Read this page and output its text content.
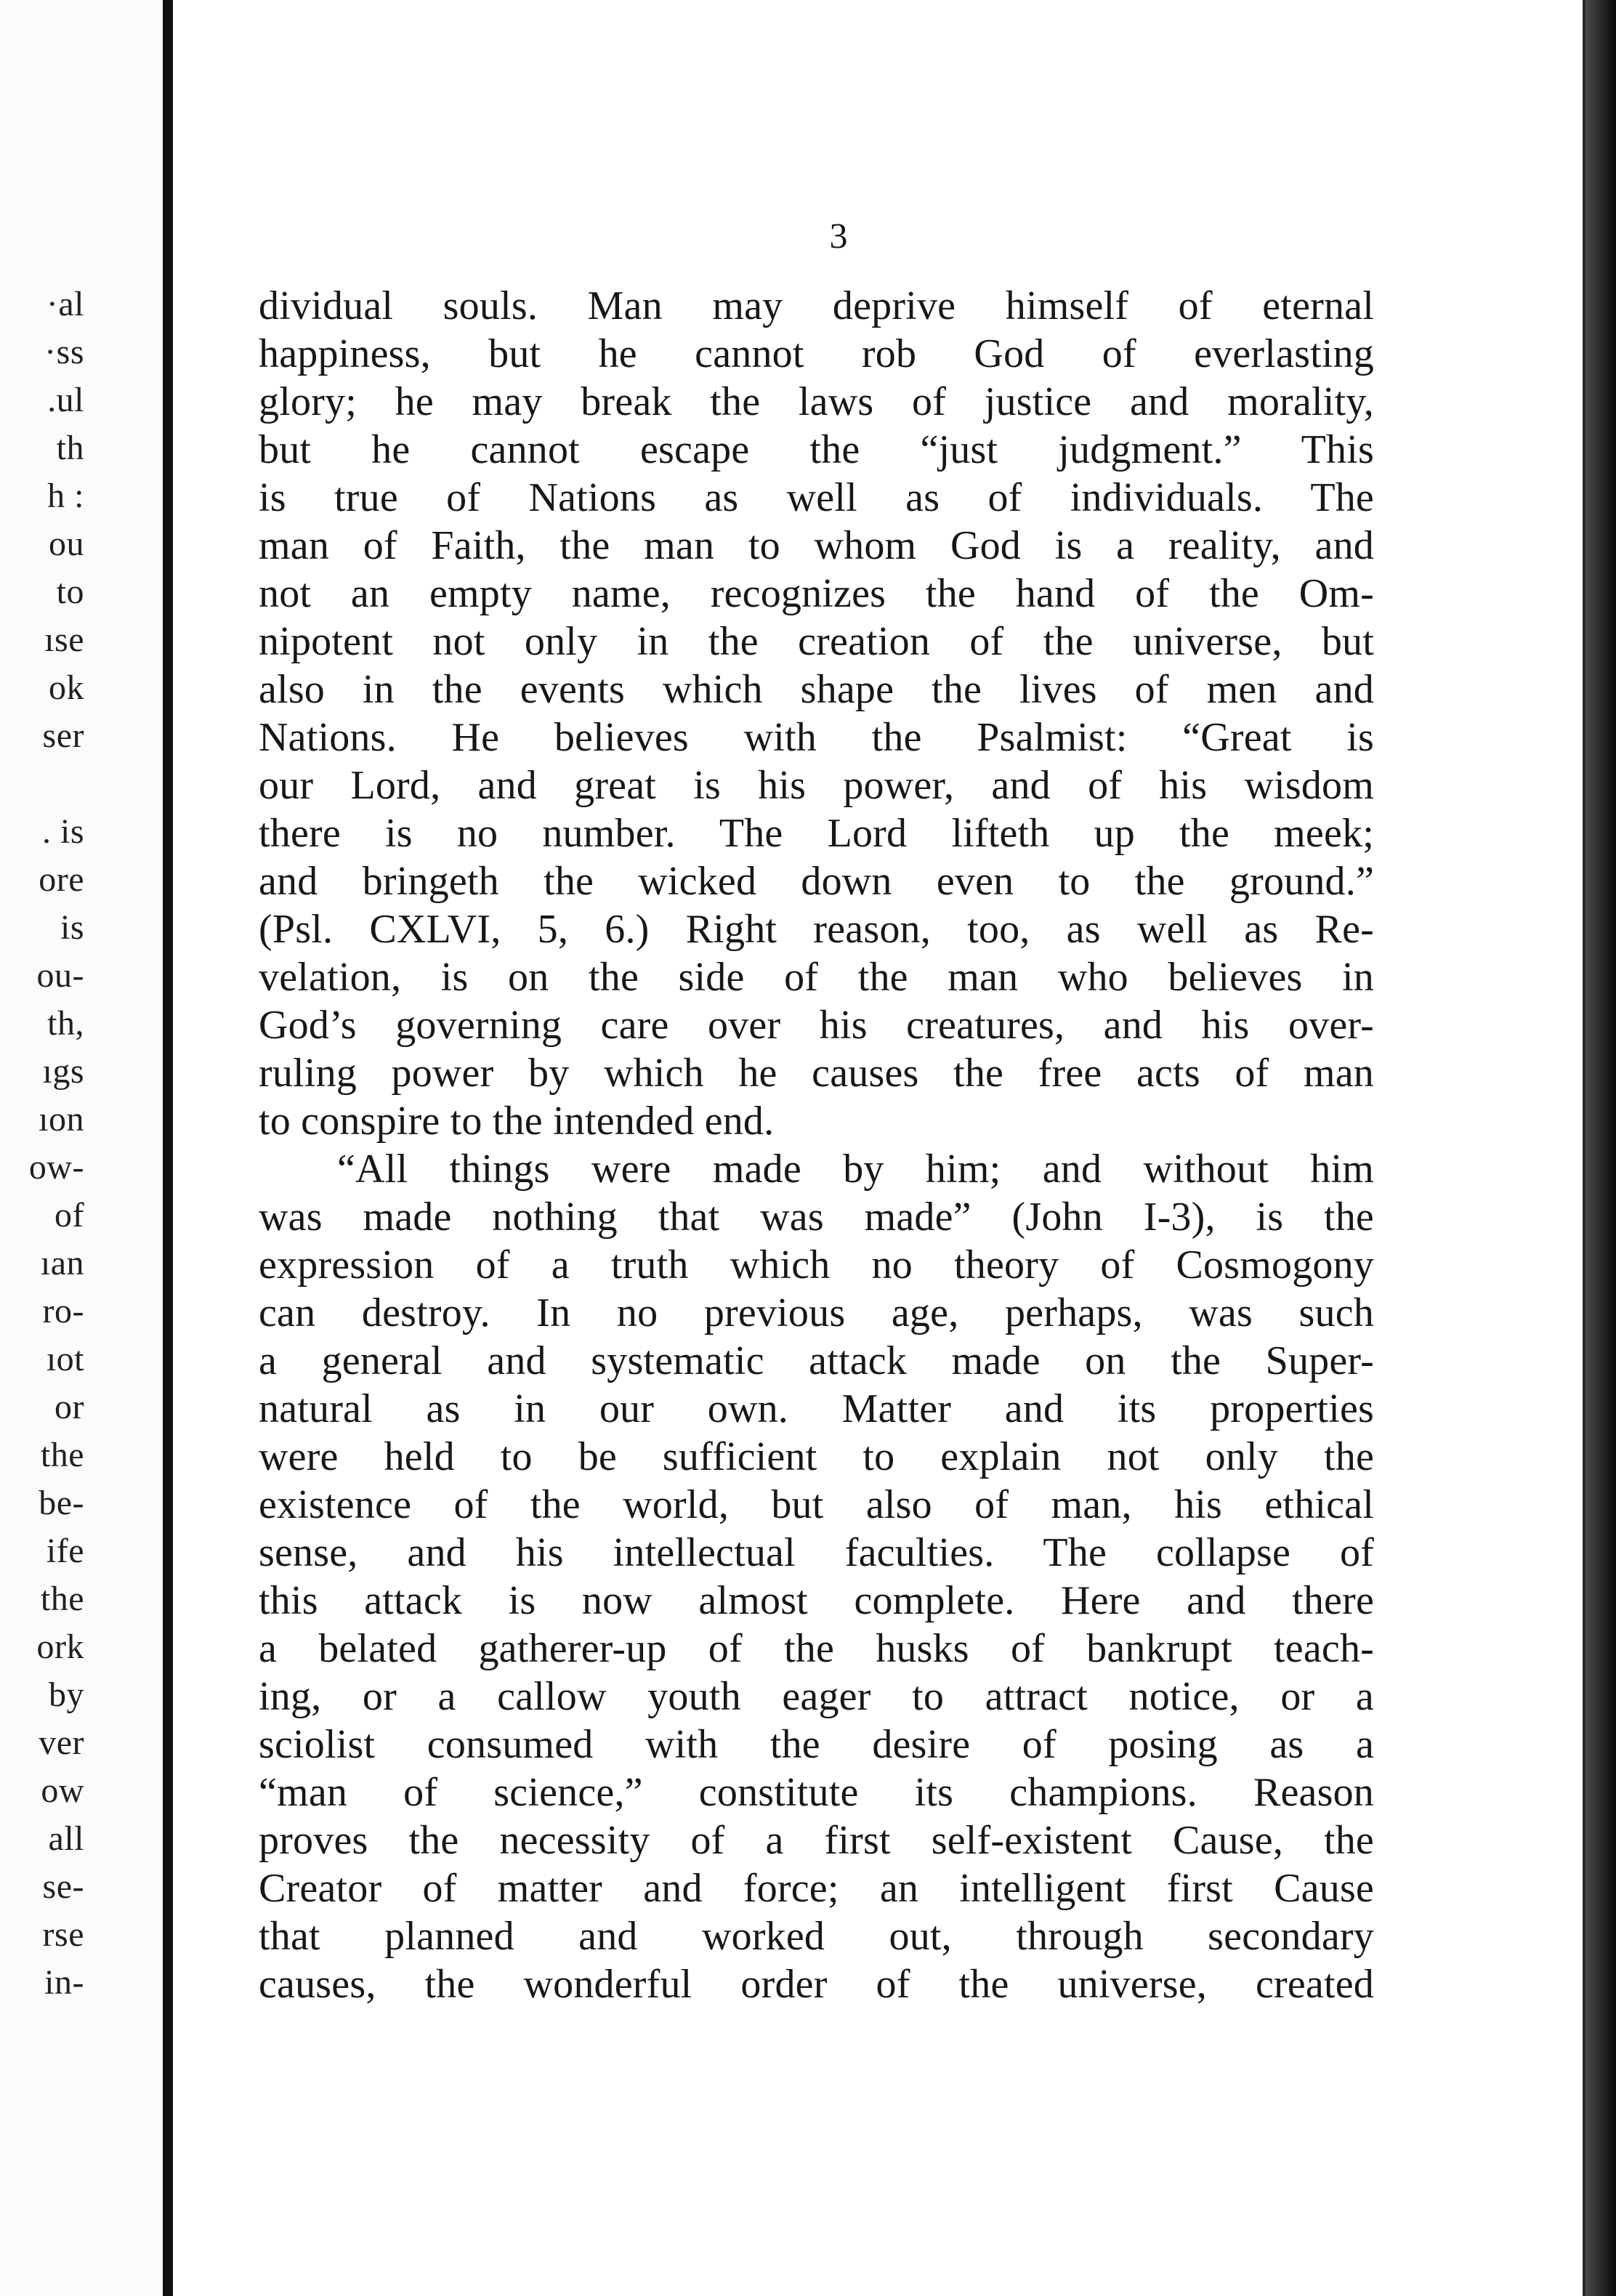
·al
·ss
.ul
th
h :
ou
to
ıse
ok
ser
. is
ore
is
ou-
th,
ıgs
ıon
ow-
of
ıan
ro-
ıot
or
the
be-
ife
the
ork
by
ver
ow
all
se-
rse
in-
3
dividual souls. Man may deprive himself of eternal
happiness, but he cannot rob God of everlasting
glory; he may break the laws of justice and morality,
but he cannot escape the “just judgment.” This
is true of Nations as well as of individuals. The
man of Faith, the man to whom God is a reality, and
not an empty name, recognizes the hand of the Om-
nipotent not only in the creation of the universe, but
also in the events which shape the lives of men and
Nations. He believes with the Psalmist: “Great is
our Lord, and great is his power, and of his wisdom
there is no number. The Lord lifteth up the meek;
and bringeth the wicked down even to the ground.”
(Psl. CXLVI, 5, 6.) Right reason, too, as well as Re-
velation, is on the side of the man who believes in
God’s governing care over his creatures, and his over-
ruling power by which he causes the free acts of man
to conspire to the intended end.
“All things were made by him; and without him
was made nothing that was made” (John I-3), is the
expression of a truth which no theory of Cosmogony
can destroy. In no previous age, perhaps, was such
a general and systematic attack made on the Super-
natural as in our own. Matter and its properties
were held to be sufficient to explain not only the
existence of the world, but also of man, his ethical
sense, and his intellectual faculties. The collapse of
this attack is now almost complete. Here and there
a belated gatherer-up of the husks of bankrupt teach-
ing, or a callow youth eager to attract notice, or a
sciolist consumed with the desire of posing as a
“man of science,” constitute its champions. Reason
proves the necessity of a first self-existent Cause, the
Creator of matter and force; an intelligent first Cause
that planned and worked out, through secondary
causes, the wonderful order of the universe, created
